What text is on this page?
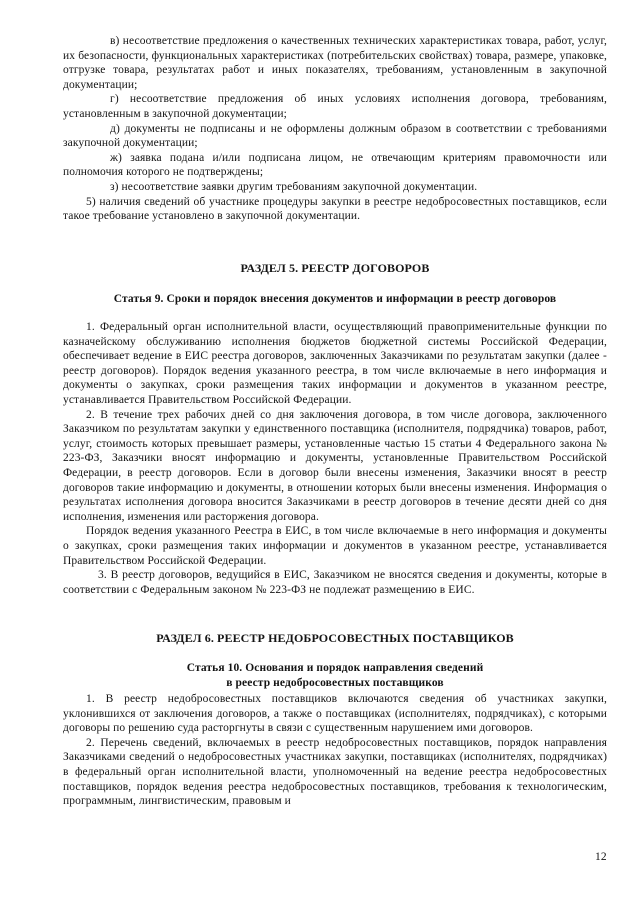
в) несоответствие предложения о качественных технических характеристиках товара, работ, услуг, их безопасности, функциональных характеристиках (потребительских свойствах) товара, размере, упаковке, отгрузке товара, результатах работ и иных показателях, требованиям, установленным в закупочной документации;

г) несоответствие предложения об иных условиях исполнения договора, требованиям, установленным в закупочной документации;

д) документы не подписаны и не оформлены должным образом в соответствии с требованиями закупочной документации;

ж) заявка подана и/или подписана лицом, не отвечающим критериям правомочности или полномочия которого не подтверждены;

з) несоответствие заявки другим требованиям закупочной документации.

5) наличия сведений об участнике процедуры закупки в реестре недобросовестных поставщиков, если такое требование установлено в закупочной документации.

РАЗДЕЛ 5. РЕЕСТР ДОГОВОРОВ

Статья 9. Сроки и порядок внесения документов и информации в реестр договоров

1. Федеральный орган исполнительной власти, осуществляющий правоприменительные функции по казначейскому обслуживанию исполнения бюджетов бюджетной системы Российской Федерации, обеспечивает ведение в ЕИС реестра договоров, заключенных Заказчиками по результатам закупки (далее - реестр договоров). Порядок ведения указанного реестра, в том числе включаемые в него информация и документы о закупках, сроки размещения таких информации и документов в указанном реестре, устанавливается Правительством Российской Федерации.

2. В течение трех рабочих дней со дня заключения договора, в том числе договора, заключенного Заказчиком по результатам закупки у единственного поставщика (исполнителя, подрядчика) товаров, работ, услуг, стоимость которых превышает размеры, установленные частью 15 статьи 4 Федерального закона № 223-ФЗ, Заказчики вносят информацию и документы, установленные Правительством Российской Федерации, в реестр договоров. Если в договор были внесены изменения, Заказчики вносят в реестр договоров такие информацию и документы, в отношении которых были внесены изменения. Информация о результатах исполнения договора вносится Заказчиками в реестр договоров в течение десяти дней со дня исполнения, изменения или расторжения договора.

Порядок ведения указанного Реестра в ЕИС, в том числе включаемые в него информация и документы о закупках, сроки размещения таких информации и документов в указанном реестре, устанавливается Правительством Российской Федерации.

3. В реестр договоров, ведущийся в ЕИС, Заказчиком не вносятся сведения и документы, которые в соответствии с Федеральным законом № 223-ФЗ не подлежат размещению в ЕИС.

РАЗДЕЛ 6. РЕЕСТР НЕДОБРОСОВЕСТНЫХ ПОСТАВЩИКОВ

Статья 10. Основания и порядок направления сведений

в реестр недобросовестных поставщиков

1. В реестр недобросовестных поставщиков включаются сведения об участниках закупки, уклонившихся от заключения договоров, а также о поставщиках (исполнителях, подрядчиках), с которыми договоры по решению суда расторгнуты в связи с существенным нарушением ими договоров.

2. Перечень сведений, включаемых в реестр недобросовестных поставщиков, порядок направления Заказчиками сведений о недобросовестных участниках закупки, поставщиках (исполнителях, подрядчиках) в федеральный орган исполнительной власти, уполномоченный на ведение реестра недобросовестных поставщиков, порядок ведения реестра недобросовестных поставщиков, требования к технологическим, программным, лингвистическим, правовым и

12
